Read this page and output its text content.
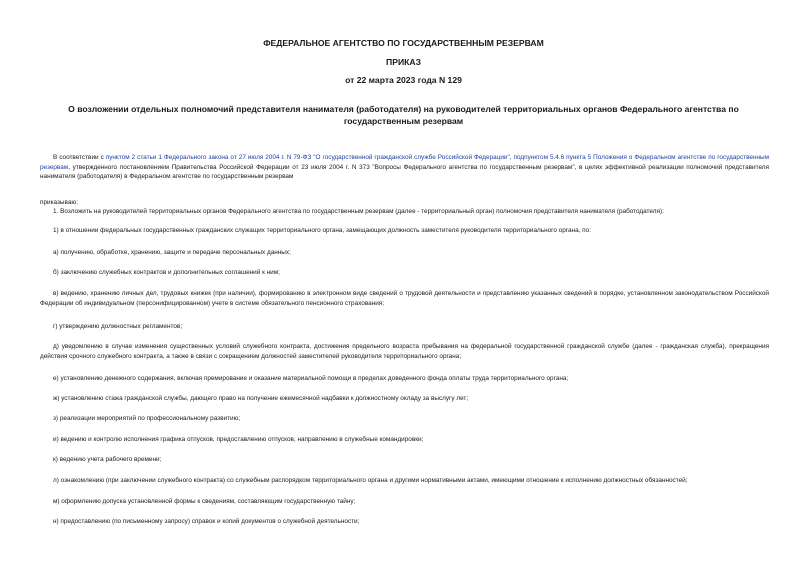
ФЕДЕРАЛЬНОЕ АГЕНТСТВО ПО ГОСУДАРСТВЕННЫМ РЕЗЕРВАМ
ПРИКАЗ
от 22 марта 2023 года N 129
О возложении отдельных полномочий представителя нанимателя (работодателя) на руководителей территориальных органов Федерального агентства по государственным резервам
В соответствии с пунктом 2 статьи 1 Федерального закона от 27 июля 2004 г. N 79-ФЗ "О государственной гражданской службе Российской Федерации", подпунктом 5.4.6 пункта 5 Положения о Федеральном агентстве по государственным резервам, утвержденного постановлением Правительства Российской Федерации от 23 июля 2004 г. N 373 "Вопросы Федерального агентства по государственным резервам", в целях эффективной реализации полномочий представителя нанимателя (работодателя) в Федеральном агентстве по государственным резервам
приказываю:
1. Возложить на руководителей территориальных органов Федерального агентства по государственным резервам (далее - территориальный орган) полномочия представителя нанимателя (работодателя):
1) в отношении федеральных государственных гражданских служащих территориального органа, замещающих должность заместителя руководителя территориального органа, по:
а) получению, обработке, хранению, защите и передаче персональных данных;
б) заключению служебных контрактов и дополнительных соглашений к ним;
в) ведению, хранению личных дел, трудовых книжек (при наличии), формированию в электронном виде сведений о трудовой деятельности и представлению указанных сведений в порядке, установленном законодательством Российской Федерации об индивидуальном (персонифицированном) учете в системе обязательного пенсионного страхования;
г) утверждению должностных регламентов;
д) уведомлению в случае изменения существенных условий служебного контракта, достижения предельного возраста пребывания на федеральной государственной гражданской службе (далее - гражданская служба), прекращения действия срочного служебного контракта, а также в связи с сокращением должностей заместителей руководителя территориального органа;
е) установлению денежного содержания, включая премирование и оказание материальной помощи в пределах доведенного фонда оплаты труда территориального органа;
ж) установлению стажа гражданской службы, дающего право на получение ежемесячной надбавки к должностному окладу за выслугу лет;
з) реализации мероприятий по профессиональному развитию;
и) ведению и контролю исполнения графика отпусков, предоставлению отпусков, направлению в служебные командировки;
к) ведению учета рабочего времени;
л) ознакомлению (при заключении служебного контракта) со служебным распорядком территориального органа и другими нормативными актами, имеющими отношение к исполнению должностных обязанностей;
м) оформлению допуска установленной формы к сведениям, составляющим государственную тайну;
н) предоставлению (по письменному запросу) справок и копий документов о служебной деятельности;
